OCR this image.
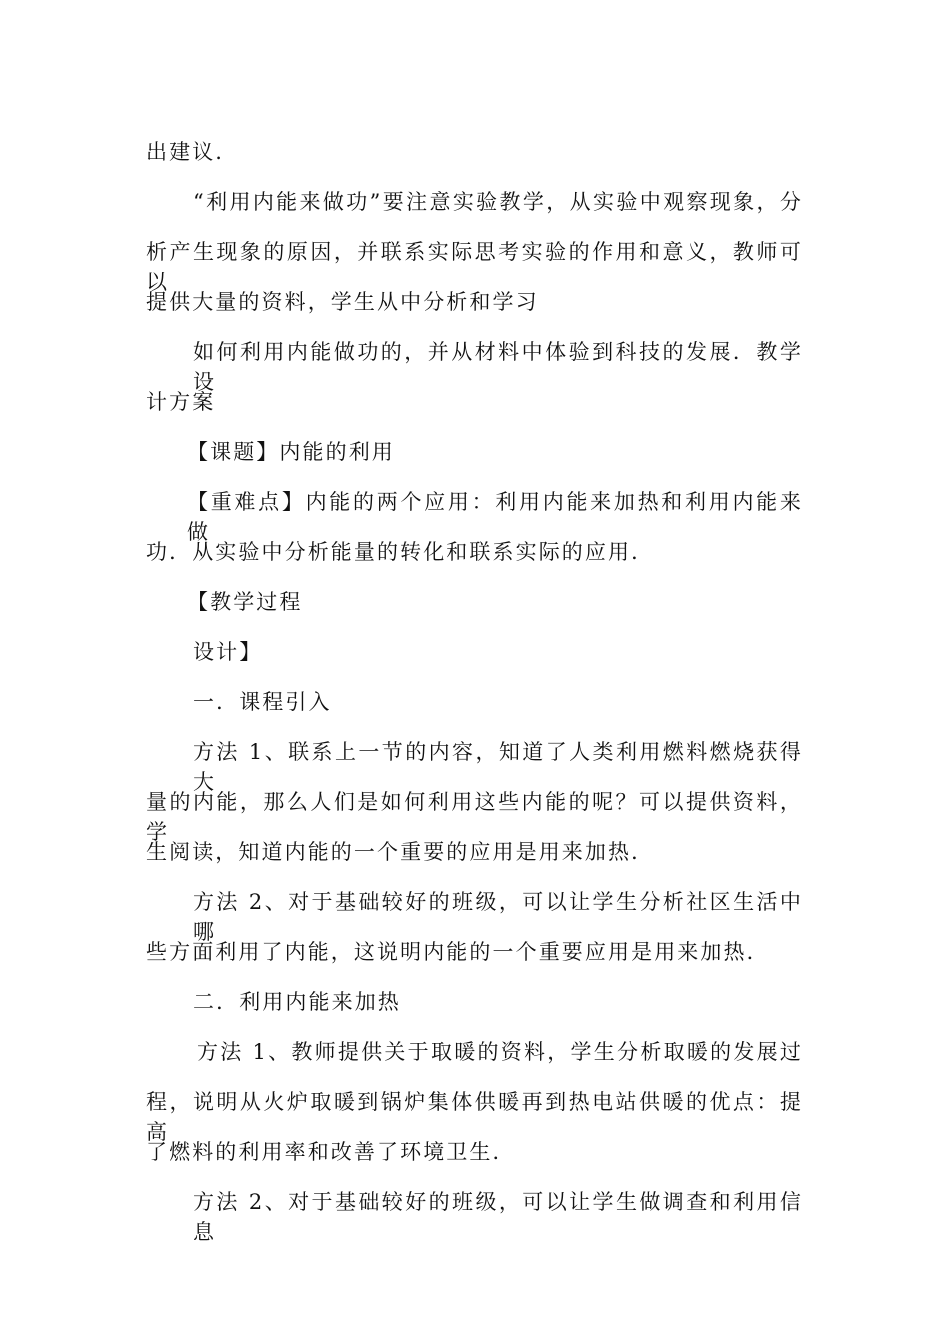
出建议.
“利用内能来做功”要注意实验教学，从实验中观察现象，分
析产生现象的原因，并联系实际思考实验的作用和意义，教师可以
提供大量的资料，学生从中分析和学习
如何利用内能做功的，并从材料中体验到科技的发展．教学设
计方案
【课题】内能的利用
【重难点】内能的两个应用：利用内能来加热和利用内能来做
功．从实验中分析能量的转化和联系实际的应用．
【教学过程
设计】
一．课程引入
方法 1、联系上一节的内容，知道了人类利用燃料燃烧获得大
量的内能，那么人们是如何利用这些内能的呢？可以提供资料，学
生阅读，知道内能的一个重要的应用是用来加热．
方法 2、对于基础较好的班级，可以让学生分析社区生活中哪
些方面利用了内能，这说明内能的一个重要应用是用来加热．
二．利用内能来加热
方法 1、教师提供关于取暖的资料，学生分析取暖的发展过
程，说明从火炉取暖到锅炉集体供暖再到热电站供暖的优点：提高
了燃料的利用率和改善了环境卫生．
方法 2、对于基础较好的班级，可以让学生做调查和利用信息
